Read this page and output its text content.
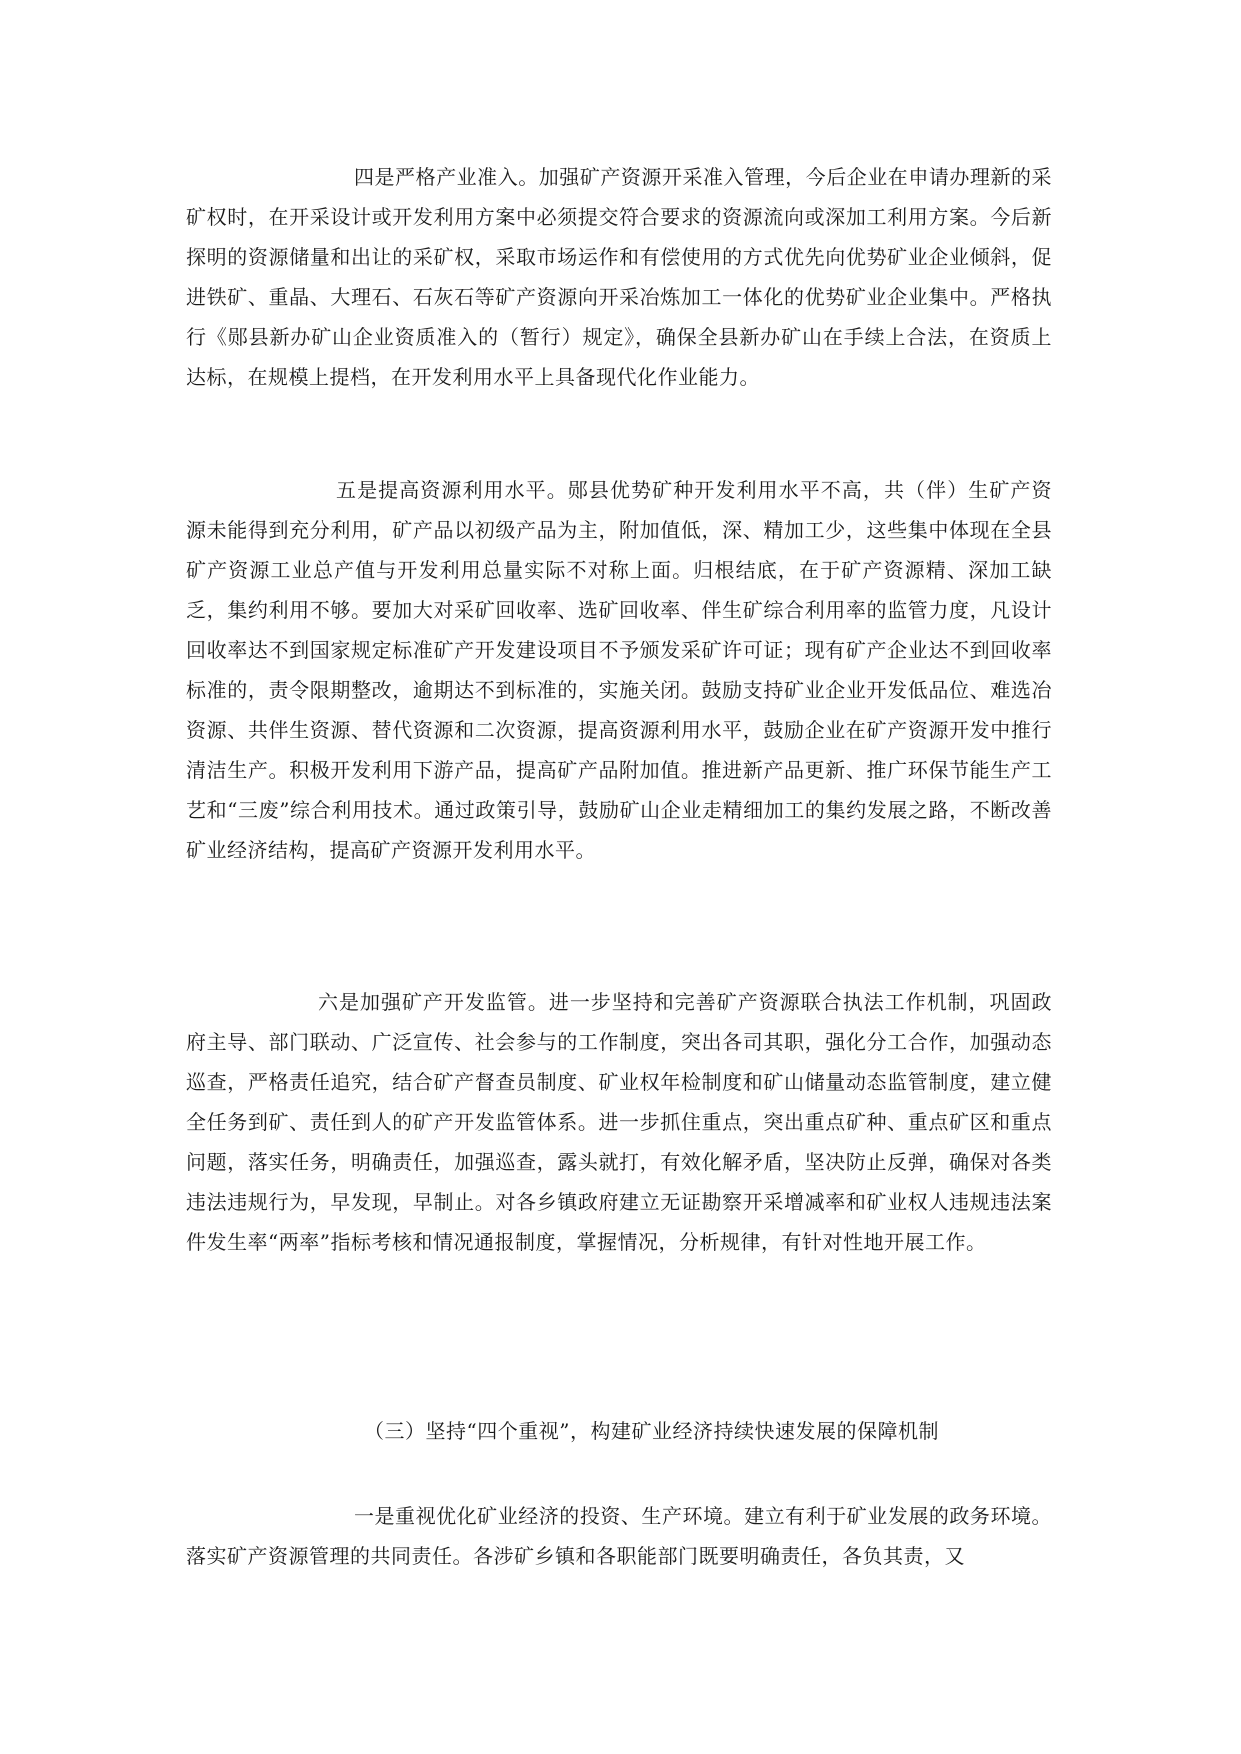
四是严格产业准入。加强矿产资源开采准入管理，今后企业在申请办理新的采矿权时，在开采设计或开发利用方案中必须提交符合要求的资源流向或深加工利用方案。今后新探明的资源储量和出让的采矿权，采取市场运作和有偿使用的方式优先向优势矿业企业倾斜，促进铁矿、重晶、大理石、石灰石等矿产资源向开采冶炼加工一体化的优势矿业企业集中。严格执行《郧县新办矿山企业资质准入的（暂行）规定》，确保全县新办矿山在手续上合法，在资质上达标，在规模上提档，在开发利用水平上具备现代化作业能力。

五是提高资源利用水平。郧县优势矿种开发利用水平不高，共（伴）生矿产资源未能得到充分利用，矿产品以初级产品为主，附加值低，深、精加工少，这些集中体现在全县矿产资源工业总产值与开发利用总量实际不对称上面。归根结底，在于矿产资源精、深加工缺乏，集约利用不够。要加大对采矿回收率、选矿回收率、伴生矿综合利用率的监管力度，凡设计回收率达不到国家规定标准矿产开发建设项目不予颁发采矿许可证；现有矿产企业达不到回收率标准的，责令限期整改，逾期达不到标准的，实施关闭。鼓励支持矿业企业开发低品位、难选冶资源、共伴生资源、替代资源和二次资源，提高资源利用水平，鼓励企业在矿产资源开发中推行清洁生产。积极开发利用下游产品，提高矿产品附加值。推进新产品更新、推广环保节能生产工艺和“三废”综合利用技术。通过政策引导，鼓励矿山企业走精细加工的集约发展之路，不断改善矿业经济结构，提高矿产资源开发利用水平。

六是加强矿产开发监管。进一步坚持和完善矿产资源联合执法工作机制，巩固政府主导、部门联动、广泛宣传、社会参与的工作制度，突出各司其职，强化分工合作，加强动态巡查，严格责任追究，结合矿产督查员制度、矿业权年检制度和矿山储量动态监管制度，建立健全任务到矿、责任到人的矿产开发监管体系。进一步抓住重点，突出重点矿种、重点矿区和重点问题，落实任务，明确责任，加强巡查，露头就打，有效化解矛盾，坚决防止反弹，确保对各类违法违规行为，早发现，早制止。对各乡镇政府建立无证勘察开采增减率和矿业权人违规违法案件发生率“两率”指标考核和情况通报制度，掌握情况，分析规律，有针对性地开展工作。

（三）坚持“四个重视”，构建矿业经济持续快速发展的保障机制

一是重视优化矿业经济的投资、生产环境。建立有利于矿业发展的政务环境。落实矿产资源管理的共同责任。各涉矿乡镇和各职能部门既要明确责任，各负其责，又
